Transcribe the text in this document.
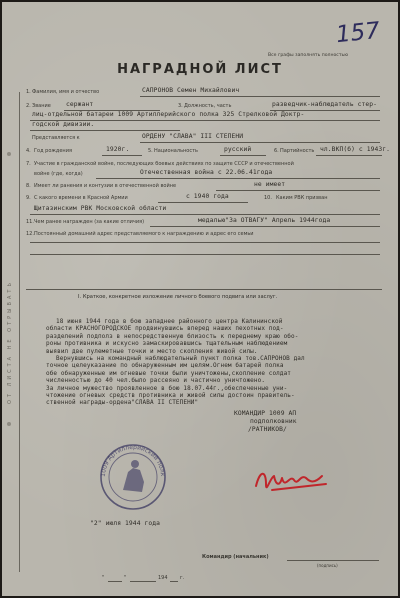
ОТ ЛИСТА НЕ ОТРЫВАТЬ
157
Все графы заполнять полностью
НАГРАДНОЙ ЛИСТ
1. Фамилия, имя и отчество	САПРОНОВ Семен Михайлович
2. Звание сержант	3. Должность, часть	разведчик-наблюдатель стер-
лиц-отдельной батареи 1009 Артиллерийского полка 325 Стрелковой Доктр-
годской дивизии.
Представляется к	ОРДЕНУ "СЛАВА" III СТЕПЕНИ
4. Год рождения	1920г.	5. Национальность	русский	6. Партийность чл.ВКП(б) с 1943г.
7. Участие в гражданской войне, последующих боевых действиях по защите СССР и отечественной
войне (где, когда)	Отечественная война с 22.06.41года
8. Имеет ли ранения и контузии в отечественной войне	не имеет
9. С какого времени в Красной Армии	с 1940 года	10. Каким РВК призван
Щитазинским РВК Московской области
11. Чем ранее награжден (за какие отличия)	медалью"За ОТВАГУ" Апрель 1944года
12. Постоянный домашний адрес представляемого к награждению и адрес его семьи
I. Краткое, конкретное изложение личного боевого подвига или заслуг.
18 июня 1944 года в бою западнее районного центра Калининской
области КРАСНОГОРОДСКОЕ продвинувшись вперед наших пехотных под-
разделений подполз в непосредственную близость к переднему краю обо-
роны противника и искусно замаскировавшись тщательным наблюдением
выявил две пулеметные точки и место скопления живой силы.
Вернувшись на командный наблюдательный пункт полка тов.САПРОНОВ дал
точное целеуказание по обнаруженным им целям.Огнем батарей полка
обе обнаруженные им огневые точки были уничтожены,скопление солдат
численностью до 40 чел.было рассеяно и частично уничтожено.
За личное мужество проявленное в бою 18.07.44г.,обеспеченные уни-
чтожение огневых средств противника и живой силы достоин правитель-
ственной награды-ордена"СЛАВА II СТЕПЕНИ"
КОМАНДИР 1009 АП
подполковник
/РАТНИКОВ/
"2" июля 1944 года
1009 Артиллерийский полк
Командир (начальник)
(подпись)
"	"	194 г.
